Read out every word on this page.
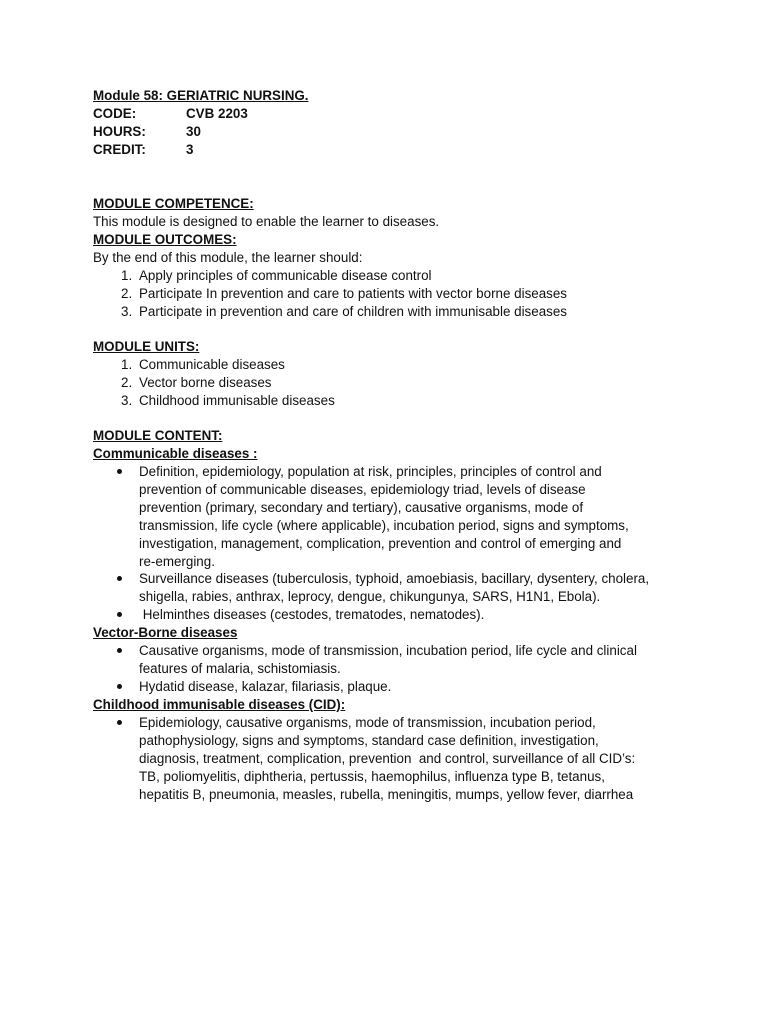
Module 58: GERIATRIC NURSING.
CODE:	CVB 2203
HOURS:	30
CREDIT:	3
MODULE COMPETENCE:
This module is designed to enable the learner to diseases.
MODULE OUTCOMES:
By the end of this module, the learner should:
1. Apply principles of communicable disease control
2. Participate In prevention and care to patients with vector borne diseases
3. Participate in prevention and care of children with immunisable diseases
MODULE UNITS:
1. Communicable diseases
2. Vector borne diseases
3. Childhood immunisable diseases
MODULE CONTENT:
Communicable diseases :
Definition, epidemiology, population at risk, principles, principles of control and
prevention of communicable diseases, epidemiology triad, levels of disease
prevention (primary, secondary and tertiary), causative organisms, mode of
transmission, life cycle (where applicable), incubation period, signs and symptoms,
investigation, management, complication, prevention and control of emerging and
re-emerging.
Surveillance diseases (tuberculosis, typhoid, amoebiasis, bacillary, dysentery, cholera,
shigella, rabies, anthrax, leprocy, dengue, chikungunya, SARS, H1N1, Ebola).
Helminthes diseases (cestodes, trematodes, nematodes).
Vector-Borne diseases
Causative organisms, mode of transmission, incubation period, life cycle and clinical
features of malaria, schistomiasis.
Hydatid disease, kalazar, filariasis, plaque.
Childhood immunisable diseases (CID):
Epidemiology, causative organisms, mode of transmission, incubation period,
pathophysiology, signs and symptoms, standard case definition, investigation,
diagnosis, treatment, complication, prevention  and control, surveillance of all CID’s:
TB, poliomyelitis, diphtheria, pertussis, haemophilus, influenza type B, tetanus,
hepatitis B, pneumonia, measles, rubella, meningitis, mumps, yellow fever, diarrhea
